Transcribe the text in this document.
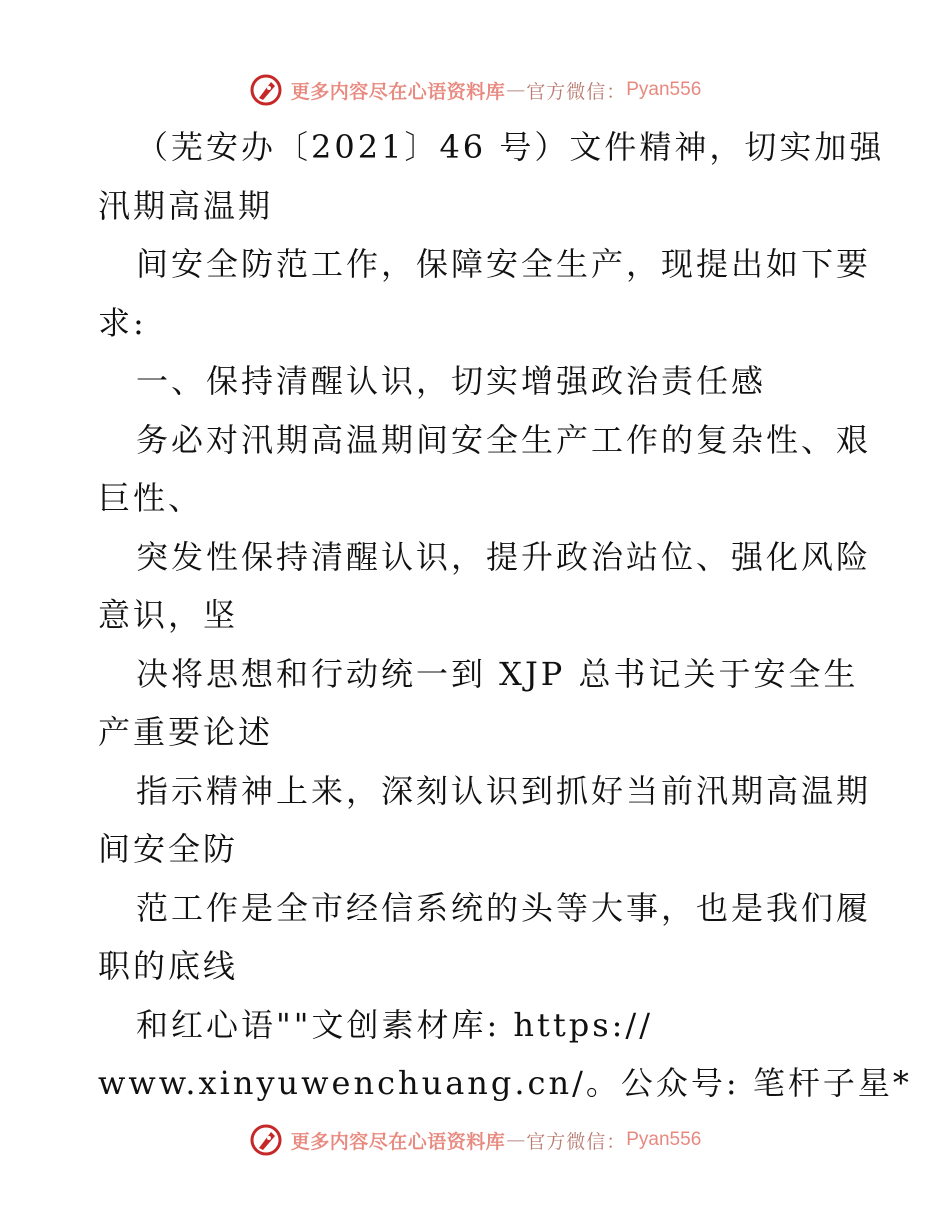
更多内容尽在心语资料库 — 官方微信： Pyan556
（芜安办〔2021〕46 号）文件精神，切实加强
汛期高温期
间安全防范工作，保障安全生产，现提出如下要
求:
一、保持清醒认识，切实增强政治责任感
务必对汛期高温期间安全生产工作的复杂性、艰
巨性、
突发性保持清醒认识，提升政治站位、强化风险
意识，坚
决将思想和行动统一到 XJP 总书记关于安全生
产重要论述
指示精神上来，深刻认识到抓好当前汛期高温期
间安全防
范工作是全市经信系统的头等大事，也是我们履
职的底线
和红心语""文创素材库: https://
www.xinyuwenchuang.cn/。公众号: 笔杆子星*
更多内容尽在心语资料库 — 官方微信： Pyan556
